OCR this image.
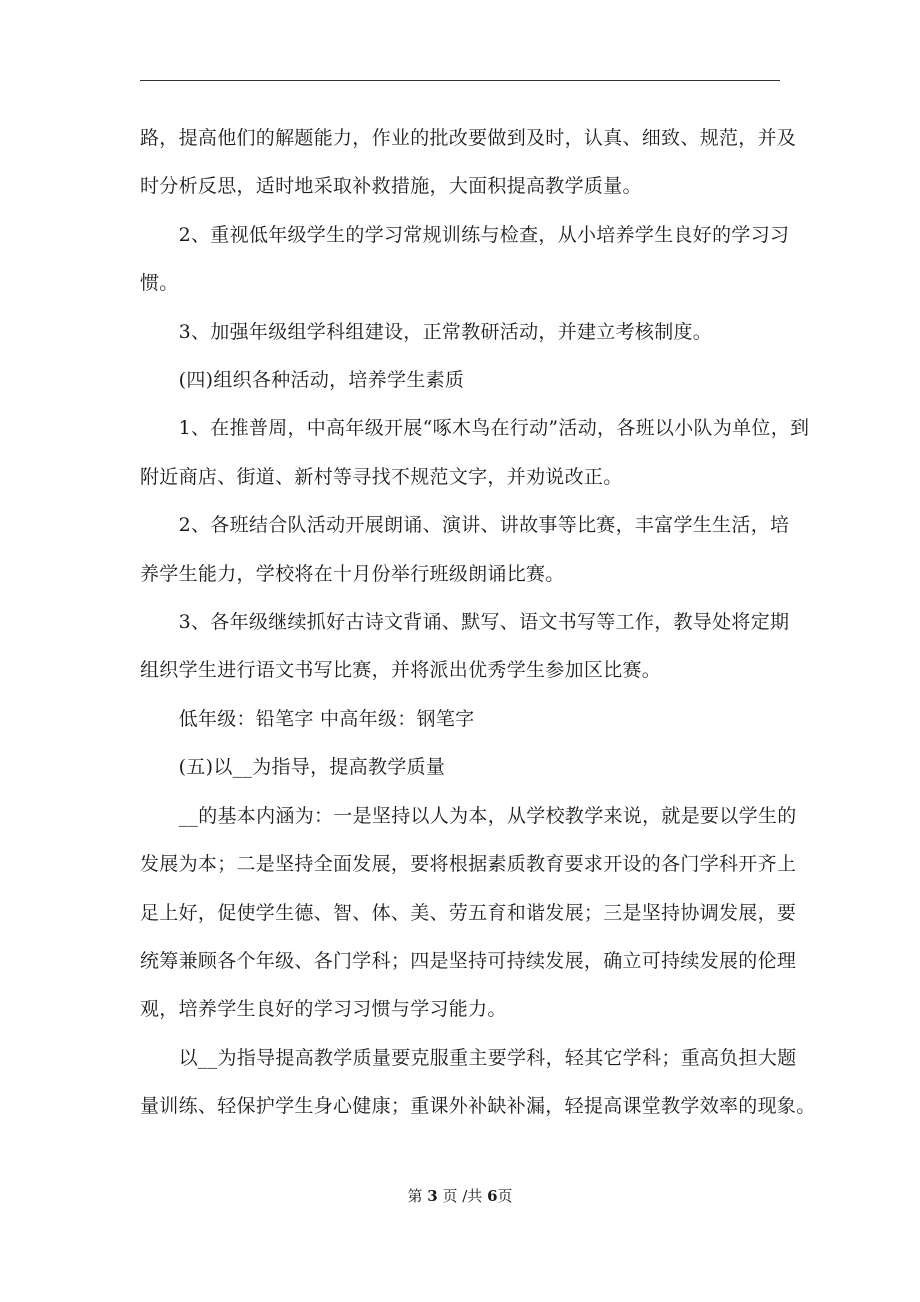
路，提高他们的解题能力，作业的批改要做到及时，认真、细致、规范，并及

时分析反思，适时地采取补救措施，大面积提高教学质量。

　　2、重视低年级学生的学习常规训练与检查，从小培养学生良好的学习习

惯。

　　3、加强年级组学科组建设，正常教研活动，并建立考核制度。

　　(四)组织各种活动，培养学生素质

　　1、在推普周，中高年级开展“啄木鸟在行动”活动，各班以小队为单位，到

附近商店、街道、新村等寻找不规范文字，并劝说改正。

　　2、各班结合队活动开展朗诵、演讲、讲故事等比赛，丰富学生生活，培

养学生能力，学校将在十月份举行班级朗诵比赛。

　　3、各年级继续抓好古诗文背诵、默写、语文书写等工作，教导处将定期

组织学生进行语文书写比赛，并将派出优秀学生参加区比赛。

　　低年级：铅笔字 中高年级：钢笔字

　　(五)以__为指导，提高教学质量

　　__的基本内涵为：一是坚持以人为本，从学校教学来说，就是要以学生的

发展为本；二是坚持全面发展，要将根据素质教育要求开设的各门学科开齐上

足上好，促使学生德、智、体、美、劳五育和谐发展；三是坚持协调发展，要

统筹兼顾各个年级、各门学科；四是坚持可持续发展，确立可持续发展的伦理

观，培养学生良好的学习习惯与学习能力。

　　以__为指导提高教学质量要克服重主要学科，轻其它学科；重高负担大题

量训练、轻保护学生身心健康；重课外补缺补漏，轻提高课堂教学效率的现象。

第 3 页 /共 6页
